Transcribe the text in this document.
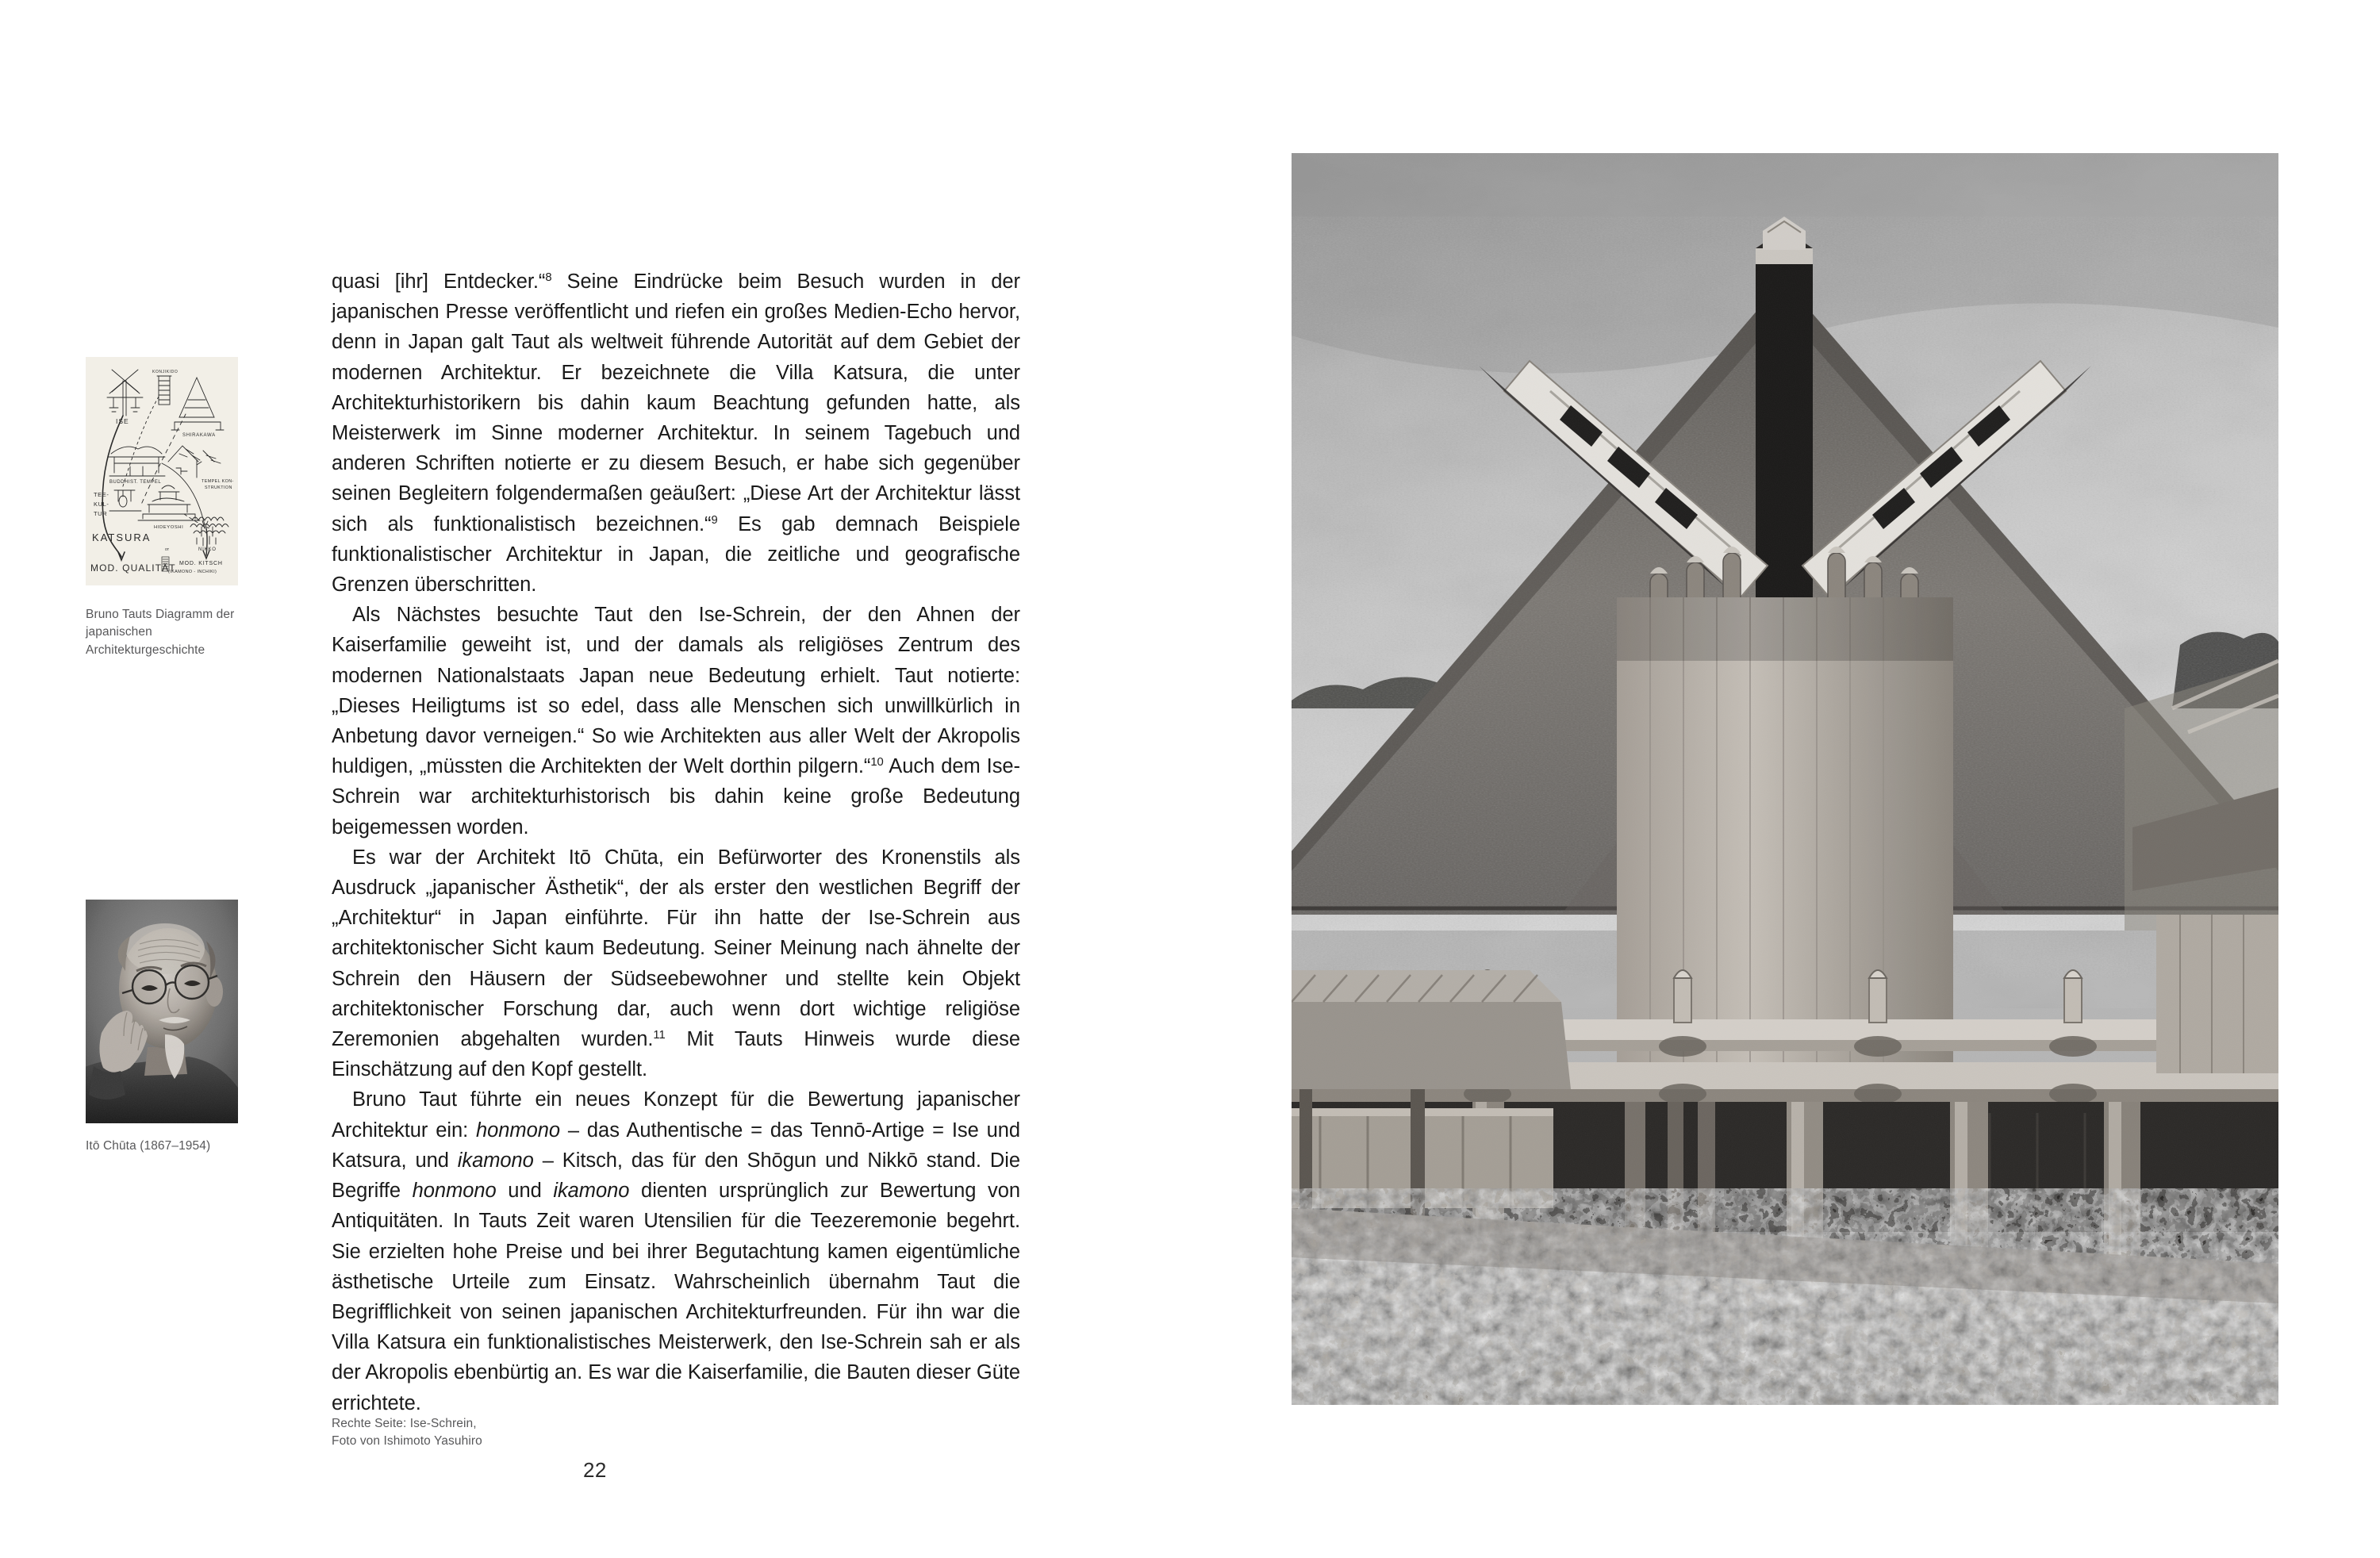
ISE
KONJIKIDO
SHIRAKAWA
BUDDHIST. TEMPEL	TEMPEL KON-
STRUKTION
TEE-
KUL-
TUR
HIDEYOSHI
NIKKO
KATSURA
MOD. QUALITÄT MOD. KITSCH
(IKAMONO - INCHIKI)
oт
Bruno Tauts Diagramm der japanischen Architekturgeschichte
Itō Chūta (1867–1954)

quasi [ihr] Entdecker.“$^8$ Seine Eindrücke beim Besuch wurden in der japanischen Presse veröffentlicht und riefen ein großes Medien-Echo hervor, denn in Japan galt Taut als weltweit führende Autorität auf dem Gebiet der modernen Architektur. Er bezeichnete die Villa Katsura, die unter Architekturhistorikern bis dahin kaum Beachtung gefunden hatte, als Meisterwerk im Sinne moderner Architektur. In seinem Tagebuch und anderen Schriften notierte er zu diesem Besuch, er habe sich gegenüber seinen Begleitern folgendermaßen geäußert: „Diese Art der Architektur lässt sich als funktionalistisch bezeichnen.“$^9$ Es gab demnach Beispiele funktionalistischer Architektur in Japan, die zeitliche und geografische Grenzen überschritten.

Als Nächstes besuchte Taut den Ise-Schrein, der den Ahnen der Kaiserfamilie geweiht ist, und der damals als religiöses Zentrum des modernen Nationalstaats Japan neue Bedeutung erhielt. Taut notierte: „Dieses Heiligtums ist so edel, dass alle Menschen sich unwillkürlich in Anbetung davor verneigen.“ So wie Architekten aus aller Welt der Akropolis huldigen, „müssten die Architekten der Welt dorthin pilgern.“$^{10}$ Auch dem Ise-Schrein war architekturhistorisch bis dahin keine große Bedeutung beigemessen worden.

Es war der Architekt Itō Chūta, ein Befürworter des Kronenstils als Ausdruck „japanischer Ästhetik“, der als erster den westlichen Begriff der „Architektur“ in Japan einführte. Für ihn hatte der Ise-Schrein aus architektonischer Sicht kaum Bedeutung. Seiner Meinung nach ähnelte der Schrein den Häusern der Südseebewohner und stellte kein Objekt architektonischer Forschung dar, auch wenn dort wichtige religiöse Zeremonien abgehalten wurden.$^{11}$ Mit Tauts Hinweis wurde diese Einschätzung auf den Kopf gestellt.

Bruno Taut führte ein neues Konzept für die Bewertung japanischer Architektur ein: honmono – das Authentische = das Tennō-Artige = Ise und Katsura, und ikamono – Kitsch, das für den Shōgun und Nikkō stand. Die Begriffe honmono und ikamono dienten ursprünglich zur Bewertung von Antiquitäten. In Tauts Zeit waren Utensilien für die Teezeremonie begehrt. Sie erzielten hohe Preise und bei ihrer Begutachtung kamen eigentümliche ästhetische Urteile zum Einsatz. Wahrscheinlich übernahm Taut die Begrifflichkeit von seinen japanischen Architekturfreunden. Für ihn war die Villa Katsura ein funktionalistisches Meisterwerk, den Ise-Schrein sah er als der Akropolis ebenbürtig an. Es war die Kaiserfamilie, die Bauten dieser Güte errichtete.

Rechte Seite: Ise-Schrein,
Foto von Ishimoto Yasuhiro
22
